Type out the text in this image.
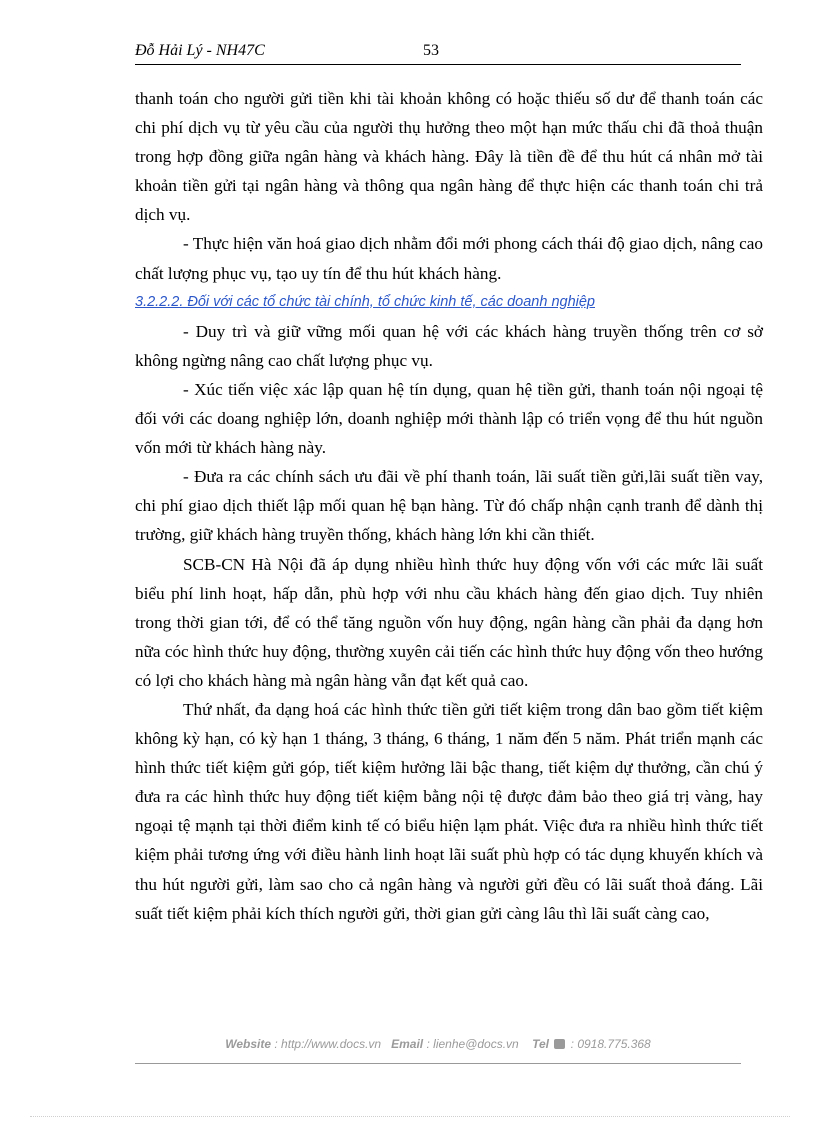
Đỗ Hải Lý - NH47C	53

thanh toán cho người gửi tiền khi tài khoản không có hoặc thiếu số dư để thanh toán các chi phí dịch vụ từ yêu cầu của người thụ hưởng theo một hạn mức thấu chi đã thoả thuận trong hợp đồng giữa ngân hàng và khách hàng. Đây là tiền đề để thu hút cá nhân mở tài khoản tiền gửi tại ngân hàng và thông qua ngân hàng để thực hiện các thanh toán chi trả dịch vụ.

- Thực hiện văn hoá giao dịch nhằm đổi mới phong cách thái độ giao dịch, nâng cao chất lượng phục vụ, tạo uy tín để thu hút khách hàng.

3.2.2.2. Đối với các tổ chức tài chính, tổ chức kinh tế, các doanh nghiệp

- Duy trì và giữ vững mối quan hệ với các khách hàng truyền thống trên cơ sở không ngừng nâng cao chất lượng phục vụ.

- Xúc tiến việc xác lập quan hệ tín dụng, quan hệ tiền gửi, thanh toán nội ngoại tệ đối với các doang nghiệp lớn, doanh nghiệp mới thành lập có triển vọng để thu hút nguồn vốn mới từ khách hàng này.

- Đưa ra các chính sách ưu đãi về phí thanh toán, lãi suất tiền gửi,lãi suất tiền vay, chi phí giao dịch thiết lập mối quan hệ bạn hàng. Từ đó chấp nhận cạnh tranh để dành thị trường, giữ khách hàng truyền thống, khách hàng lớn khi cần thiết.

SCB-CN Hà Nội đã áp dụng nhiều hình thức huy động vốn với các mức lãi suất biểu phí linh hoạt, hấp dẫn, phù hợp với nhu cầu khách hàng đến giao dịch. Tuy nhiên trong thời gian tới, để có thể tăng nguồn vốn huy động, ngân hàng cần phải đa dạng hơn nữa cóc hình thức huy động, thường xuyên cải tiến các hình thức huy động vốn theo hướng có lợi cho khách hàng mà ngân hàng vẫn đạt kết quả cao.

Thứ nhất, đa dạng hoá các hình thức tiền gửi tiết kiệm trong dân bao gồm tiết kiệm không kỳ hạn, có kỳ hạn 1 tháng, 3 tháng, 6 tháng, 1 năm đến 5 năm. Phát triển mạnh các hình thức tiết kiệm gửi góp, tiết kiệm hưởng lãi bậc thang, tiết kiệm dự thưởng, cần chú ý đưa ra các hình thức huy động tiết kiệm bằng nội tệ được đảm bảo theo giá trị vàng, hay ngoại tệ mạnh tại thời điểm kinh tế có biểu hiện lạm phát. Việc đưa ra nhiều hình thức tiết kiệm phải tương ứng với điều hành linh hoạt lãi suất phù hợp có tác dụng khuyến khích và thu hút người gửi, làm sao cho cả ngân hàng và người gửi đều có lãi suất thoả đáng. Lãi suất tiết kiệm phải kích thích người gửi, thời gian gửi càng lâu thì lãi suất càng cao,

Website : http://www.docs.vn Email : lienhe@docs.vn Tel : 0918.775.368
